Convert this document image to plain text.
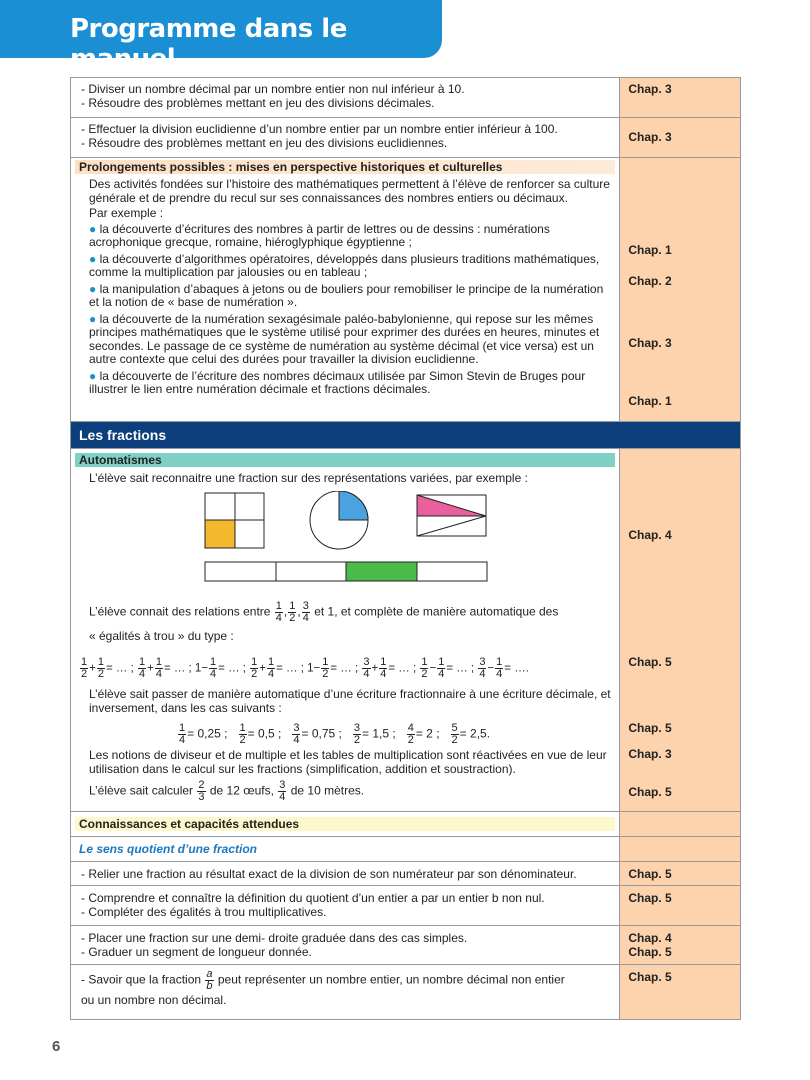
Programme dans le manuel
- Diviser un nombre décimal par un nombre entier non nul inférieur à 10.
- Résoudre des problèmes mettant en jeu des divisions décimales.
Chap. 3
- Effectuer la division euclidienne d’un nombre entier par un nombre entier inférieur à 100.
- Résoudre des problèmes mettant en jeu des divisions euclidiennes.	Chap. 3
Prolongements possibles : mises en perspective historiques et culturelles
Des activités fondées sur l’histoire des mathématiques permettent à l’élève de renforcer sa culture générale et de prendre du recul sur ses connaissances des nombres entiers ou décimaux.
Par exemple :
● la découverte d’écritures des nombres à partir de lettres ou de dessins : numérations acrophonique grecque, romaine, hiéroglyphique égyptienne ;
● la découverte d’algorithmes opératoires, développés dans plusieurs traditions mathématiques, comme la multiplication par jalousies ou en tableau ;
● la manipulation d’abaques à jetons ou de bouliers pour remobiliser le principe de la numération et la notion de « base de numération ».
● la découverte de la numération sexagésimale paléo-babylonienne, qui repose sur les mêmes principes mathématiques que le système utilisé pour exprimer des durées en heures, minutes et secondes. Le passage de ce système de numération au système décimal (et vice versa) est un autre contexte que celui des durées pour travailler la division euclidienne.
● la découverte de l’écriture des nombres décimaux utilisée par Simon Stevin de Bruges pour illustrer le lien entre numération décimale et fractions décimales.
Chap. 1
Chap. 2
Chap. 3
Chap. 1
Les fractions
Automatismes
L’élève sait reconnaitre une fraction sur des représentations variées, par exemple :
L’élève connait des relations entre $\frac{1}{4}$ , $\frac{1}{2}$ , $\frac{3}{4}$ et 1, et complète de manière automatique des
« égalités à trou » du type :
$\frac{1}{2} + \frac{1}{2}$ = … ; $\frac{1}{4} + \frac{1}{4}$ = … ; $1- \frac{1}{4}$ = … ; $\frac{1}{2} + \frac{1}{4}$ = … ; $1- \frac{1}{2}$ = … ; $\frac{3}{4} + \frac{1}{4}$ = … ; $\frac{1}{2} - \frac{1}{4}$ = … ; $\frac{3}{4} - \frac{1}{4}$ = ….
L’élève sait passer de manière automatique d’une écriture fractionnaire à une écriture décimale, et inversement, dans les cas suivants :
$\frac{1}{4} = 0,25$ ; $\frac{1}{2} = 0,5$ ; $\frac{3}{4} = 0,75$ ; $\frac{3}{2} = 1,5$ ; $\frac{4}{2} = 2$ ; $\frac{5}{2} = 2,5$.
Les notions de diviseur et de multiple et les tables de multiplication sont réactivées en vue de leur utilisation dans le calcul sur les fractions (simplification, addition et soustraction).
L’élève sait calculer $\frac{2}{3}$ de 12 œufs, $\frac{3}{4}$ de 10 mètres.
Chap. 4
Chap. 5
Chap. 5
Chap. 3
Chap. 5
Connaissances et capacités attendues
Le sens quotient d’une fraction
- Relier une fraction au résultat exact de la division de son numérateur par son dénominateur.	Chap. 5
- Comprendre et connaître la définition du quotient d’un entier a par un entier b non nul.
- Compléter des égalités à trou multiplicatives.
Chap. 5
- Placer une fraction sur une demi- droite graduée dans des cas simples.
- Graduer un segment de longueur donnée.
Chap. 4
Chap. 5
- Savoir que la fraction $\frac{a}{b}$ peut représenter un nombre entier, un nombre décimal non entier
ou un nombre non décimal.
Chap. 5
6
